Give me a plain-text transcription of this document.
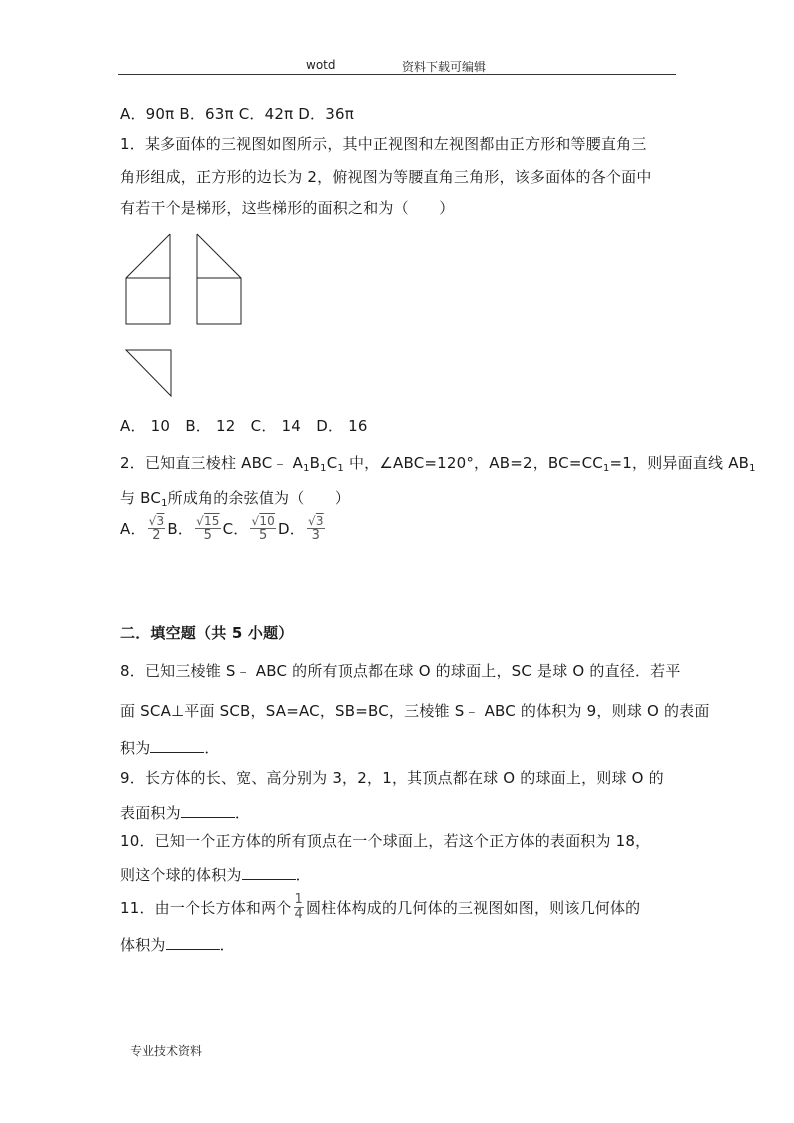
wotd	资料下载可编辑
A．90π B．63π C．42π D．36π
1．某多面体的三视图如图所示，其中正视图和左视图都由正方形和等腰直角三
角形组成，正方形的边长为 2，俯视图为等腰直角三角形，该多面体的各个面中
有若干个是梯形，这些梯形的面积之和为（　　）
A． 10　B． 12　C． 14　D． 16
2．已知直三棱柱 ABC﹣ $A_1B_1C_1$ 中，∠ABC=120°，AB=2，$BC=CC_1=1$，则异面直线 $AB_1$
与 $BC_1$所成角的余弦值为（　　）
A． $\frac{√3}{2}$ B． $\frac{√15}{5}$ C． $\frac{√10}{5}$ D． $\frac{√3}{3}$
二．填空题（共 5 小题）
8．已知三棱锥 S﹣ ABC 的所有顶点都在球 O 的球面上，SC 是球 O 的直径．若平
面 SCA⊥平面 SCB，SA=AC，SB=BC，三棱锥 S﹣ ABC 的体积为 9，则球 O 的表面
积为	．
9．长方体的长、宽、高分别为 3，2，1，其顶点都在球 O 的球面上，则球 O 的
表面积为	．
10．已知一个正方体的所有顶点在一个球面上，若这个正方体的表面积为 18，
则这个球的体积为	．
11．由一个长方体和两个 $\frac{1}{4}$ 圆柱体构成的几何体的三视图如图，则该几何体的
体积为	．
专业技术资料
